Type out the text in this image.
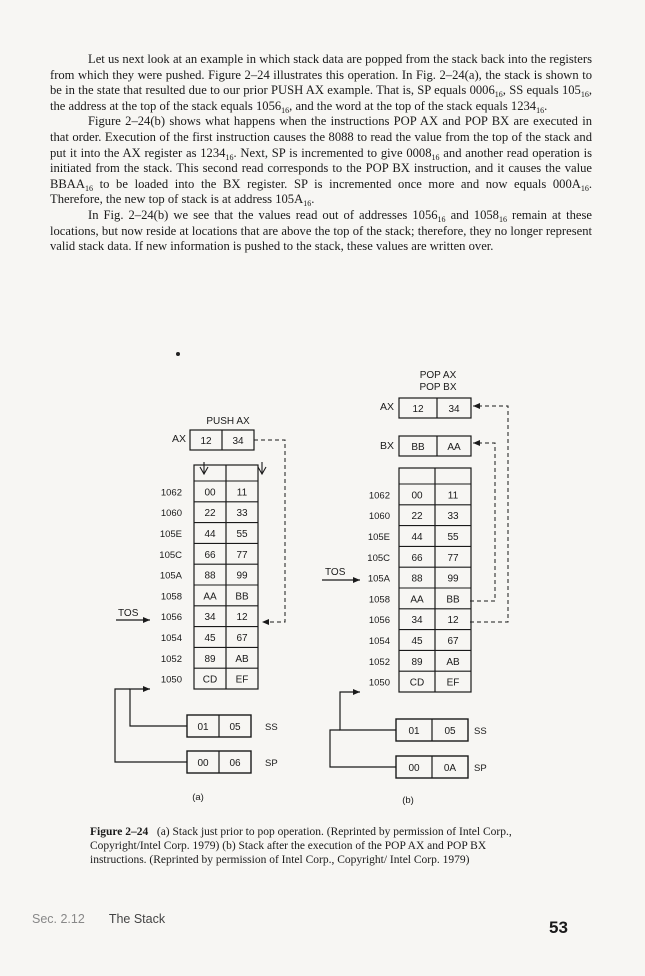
Let us next look at an example in which stack data are popped from the stack back into the registers from which they were pushed. Figure 2–24 illustrates this operation. In Fig. 2–24(a), the stack is shown to be in the state that resulted due to our prior PUSH AX example. That is, SP equals $0006_{16}$, SS equals $105_{16}$, the address at the top of the stack equals $1056_{16}$, and the word at the top of the stack equals $1234_{16}$.

Figure 2–24(b) shows what happens when the instructions POP AX and POP BX are executed in that order. Execution of the first instruction causes the 8088 to read the value from the top of the stack and put it into the AX register as $1234_{16}$. Next, SP is incremented to give $0008_{16}$ and another read operation is initiated from the stack. This second read corresponds to the POP BX instruction, and it causes the value $BBAA_{16}$ to be loaded into the BX register. SP is incremented once more and now equals $000A_{16}$. Therefore, the new top of stack is at address $105A_{16}$.

In Fig. 2–24(b) we see that the values read out of addresses $1056_{16}$ and $1058_{16}$ remain at these locations, but now reside at locations that are above the top of the stack; therefore, they no longer represent valid stack data. If new information is pushed to the stack, these values are written over.

PUSH AX
AX 12 34
1062 00 11
1060 22 33
105E 44 55
105C 66 77
105A 88 99
1058 AA BB
1056 34 12
1054 45 67
1052 89 AB
1050 CD EF
TOS
01 05	SS
00 06	SP
(a)
POP AX
POP BX
AX 12 34
BX BB AA
1062 00	11
1060 22 33
105E 44 55
105C 66 77
105A 88 99
1058 AA BB
1056 34 12
1054 45 67
1052 89 AB
1050 CD EF
TOS
01 05 SS
00 0A SP
(b)
Figure 2–24 (a) Stack just prior to pop operation. (Reprinted by permission of Intel Corp., Copyright/Intel Corp. 1979) (b) Stack after the execution of the POP AX and POP BX instructions. (Reprinted by permission of Intel Corp., Copyright/ Intel Corp. 1979)
Sec. 2.12 The Stack	53
